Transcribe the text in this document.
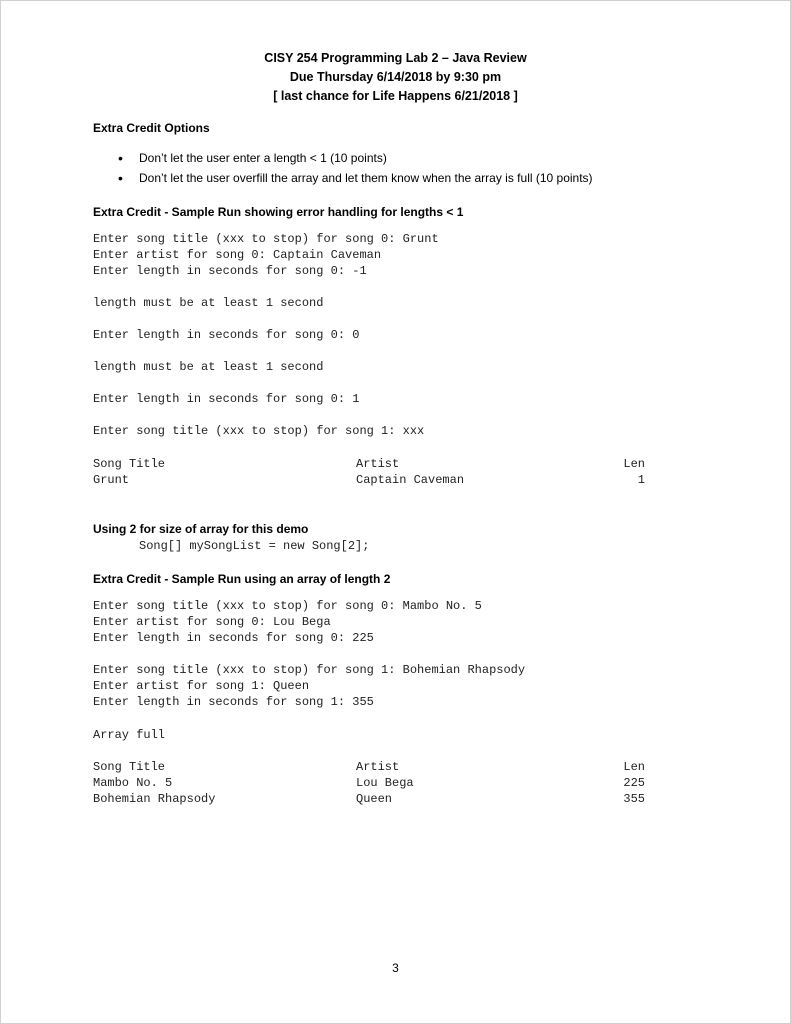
CISY 254 Programming Lab 2 – Java Review
Due Thursday 6/14/2018 by 9:30 pm
[ last chance for Life Happens 6/21/2018 ]
Extra Credit Options
• Don’t let the user enter a length < 1 (10 points)
• Don’t let the user overfill the array and let them know when the array is full (10 points)
Extra Credit - Sample Run showing error handling for lengths < 1
Enter song title (xxx to stop) for song 0: Grunt
Enter artist for song 0: Captain Caveman
Enter length in seconds for song 0: -1
length must be at least 1 second
Enter length in seconds for song 0: 0
length must be at least 1 second
Enter length in seconds for song 0: 1
Enter song title (xxx to stop) for song 1: xxx
Song Title	Artist	Len
Grunt	Captain Caveman	1
Using 2 for size of array for this demo
Song[] mySongList = new Song[2];
Extra Credit - Sample Run using an array of length 2
Enter song title (xxx to stop) for song 0: Mambo No. 5
Enter artist for song 0: Lou Bega
Enter length in seconds for song 0: 225
Enter song title (xxx to stop) for song 1: Bohemian Rhapsody
Enter artist for song 1: Queen
Enter length in seconds for song 1: 355
Array full
Song Title	Artist	Len
Mambo No. 5	Lou Bega	225
Bohemian Rhapsody	Queen	355
3
